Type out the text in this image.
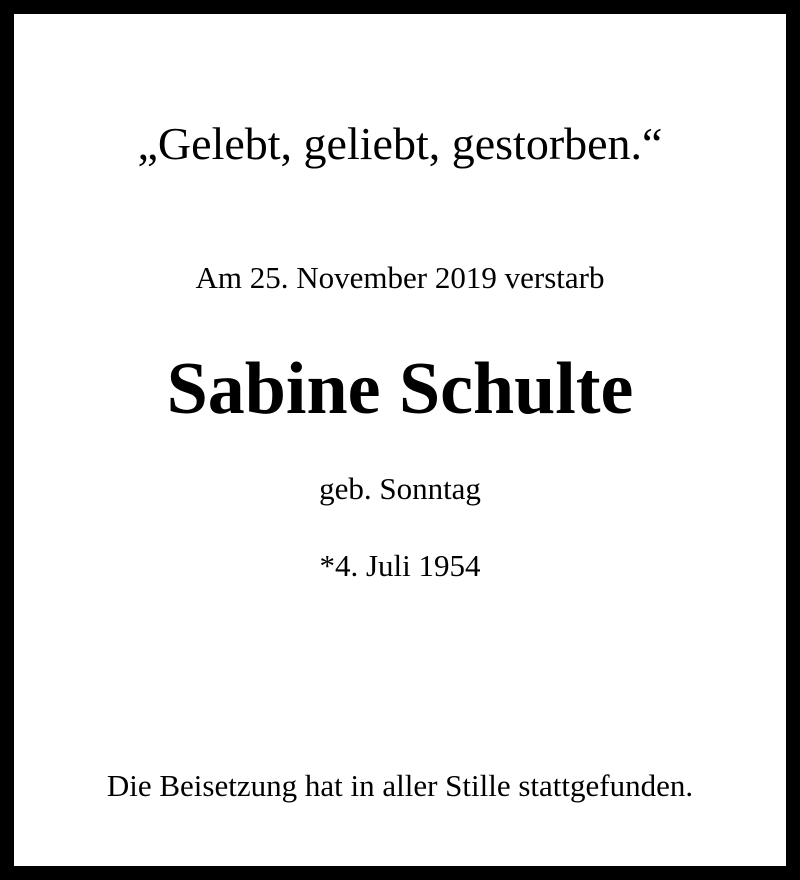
„Gelebt, geliebt, gestorben.“
Am 25. November 2019 verstarb
Sabine Schulte
geb. Sonntag
*4. Juli 1954
Die Beisetzung hat in aller Stille stattgefunden.
